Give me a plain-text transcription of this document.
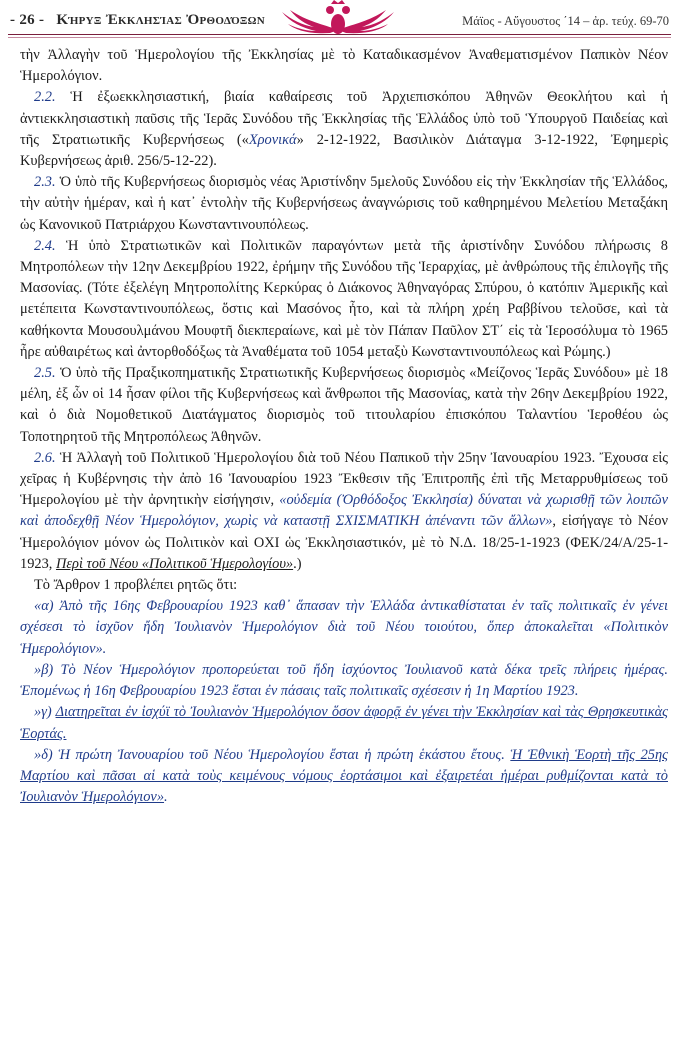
- 26 - Κήρυξ Ἐκκλησίας Ὀρθοδόξων	Μάϊος - Αὔγουστος ΄14 – ἀρ. τεύχ. 69-70

τὴν Ἀλλαγὴν τοῦ Ἡμερολογίου τῆς Ἐκκλησίας μὲ τὸ Καταδικασμένον Ἀναθεματισμένον Παπικὸν Νέον Ἡμερολόγιον.

2.2. Ἡ ἐξωεκκλησιαστική, βιαία καθαίρεσις τοῦ Ἀρχιεπισκόπου Ἀθηνῶν Θεοκλήτου καὶ ἡ ἀντιεκκλησιαστικὴ παῦσις τῆς Ἱερᾶς Συνόδου τῆς Ἐκκλησίας τῆς Ἑλλάδος ὑπὸ τοῦ Ὑπουργοῦ Παιδείας καὶ τῆς Στρατιωτικῆς Κυβερνήσεως («Χρονικά» 2-12-1922, Βασιλικὸν Διάταγμα 3-12-1922, Ἐφημερὶς Κυβερνήσεως ἀριθ. 256/5-12-22).

2.3. Ὁ ὑπὸ τῆς Κυβερνήσεως διορισμὸς νέας Ἀριστίνδην 5μελοῦς Συνόδου εἰς τὴν Ἐκκλησίαν τῆς Ἑλλάδος, τὴν αὐτὴν ἡμέραν, καὶ ἡ κατ᾽ ἐντολὴν τῆς Κυβερνήσεως ἀναγνώρισις τοῦ καθηρημένου Μελετίου Μεταξάκη ὡς Κανονικοῦ Πατριάρχου Κωνσταντινουπόλεως.

2.4. Ἡ ὑπὸ Στρατιωτικῶν καὶ Πολιτικῶν παραγόντων μετὰ τῆς ἀριστίνδην Συνόδου πλήρωσις 8 Μητροπόλεων τὴν 12ην Δεκεμβρίου 1922, ἐρήμην τῆς Συνόδου τῆς Ἱεραρχίας, μὲ ἀνθρώπους τῆς ἐπιλογῆς τῆς Μασονίας. (Τότε ἐξελέγη Μητροπολίτης Κερκύρας ὁ Διάκονος Ἀθηναγόρας Σπύρου, ὁ κατόπιν Ἀμερικῆς καὶ μετέπειτα Κωνσταντινουπόλεως, ὅστις καὶ Μασόνος ἦτο, καὶ τὰ πλήρη χρέη Ραββίνου τελοῦσε, καὶ τὰ καθήκοντα Μουσουλμάνου Μουφτῆ διεκπεραίωνε, καὶ μὲ τὸν Πάπαν Παῦλον ΣΤ΄ εἰς τὰ Ἱεροσόλυμα τὸ 1965 ἦρε αὐθαιρέτως καὶ ἀντορθοδόξως τὰ Ἀναθέματα τοῦ 1054 μεταξὺ Κωνσταντινουπόλεως καὶ Ρώμης.)

2.5. Ὁ ὑπὸ τῆς Πραξικοπηματικῆς Στρατιωτικῆς Κυβερνήσεως διορισμὸς «Μείζονος Ἱερᾶς Συνόδου» μὲ 18 μέλη, ἐξ ὧν οἱ 14 ἦσαν φίλοι τῆς Κυβερνήσεως καὶ ἄνθρωποι τῆς Μασονίας, κατὰ τὴν 26ην Δεκεμβρίου 1922, καὶ ὁ διὰ Νομοθετικοῦ Διατάγματος διορισμὸς τοῦ τιτουλαρίου ἐπισκόπου Ταλαντίου Ἱεροθέου ὡς Τοποτηρητοῦ τῆς Μητροπόλεως Ἀθηνῶν.

2.6. Ἡ Ἀλλαγὴ τοῦ Πολιτικοῦ Ἡμερολογίου διὰ τοῦ Νέου Παπικοῦ τὴν 25ην Ἰανουαρίου 1923. Ἔχουσα εἰς χεῖρας ἡ Κυβέρνησις τὴν ἀπὸ 16 Ἰανουαρίου 1923 Ἔκθεσιν τῆς Ἐπιτροπῆς ἐπὶ τῆς Μεταρρυθμίσεως τοῦ Ἡμερολογίου μὲ τὴν ἀρνητικὴν εἰσήγησιν, «οὐδεμία (Ὀρθόδοξος Ἐκκλησία) δύναται νὰ χωρισθῇ τῶν λοιπῶν καὶ ἀποδεχθῇ Νέον Ἡμερολόγιον, χωρὶς νὰ καταστῇ ΣΧΙΣΜΑΤΙΚΗ ἀπέναντι τῶν ἄλλων», εἰσήγαγε τὸ Νέον Ἡμερολόγιον μόνον ὡς Πολιτικὸν καὶ ΟΧΙ ὡς Ἐκκλησιαστικόν, μὲ τὸ Ν.Δ. 18/25-1-1923 (ΦΕΚ/24/Α/25-1-1923, Περὶ τοῦ Νέου «Πολιτικοῦ Ἡμερολογίου».)

Τὸ Ἄρθρον 1 προβλέπει ρητῶς ὅτι:

«α) Ἀπὸ τῆς 16ης Φεβρουαρίου 1923 καθ᾽ ἅπασαν τὴν Ἑλλάδα ἀντικαθίσταται ἐν ταῖς πολιτικαῖς ἐν γένει σχέσεσι τὸ ἰσχῦον ἤδη Ἰουλιανὸν Ἡμερολόγιον διὰ τοῦ Νέου τοιούτου, ὅπερ ἀποκαλεῖται «Πολιτικὸν Ἡμερολόγιον».

»β) Τὸ Νέον Ἡμερολόγιον προπορεύεται τοῦ ἤδη ἰσχύοντος Ἰουλιανοῦ κατὰ δέκα τρεῖς πλήρεις ἡμέρας. Ἑπομένως ἡ 16η Φεβρουαρίου 1923 ἔσται ἐν πάσαις ταῖς πολιτικαῖς σχέσεσιν ἡ 1η Μαρτίου 1923.

»γ) Διατηρεῖται ἐν ἰσχύϊ τὸ Ἰουλιανὸν Ἡμερολόγιον ὅσον ἀφορᾷ ἐν γένει τὴν Ἐκκλησίαν καὶ τὰς Θρησκευτικὰς Ἑορτάς.

»δ) Ἡ πρώτη Ἰανουαρίου τοῦ Νέου Ἡμερολογίου ἔσται ἡ πρώτη ἑκάστου ἔτους. Ἡ Ἐθνικὴ Ἑορτὴ τῆς 25ης Μαρτίου καὶ πᾶσαι αἱ κατὰ τοὺς κειμένους νόμους ἑορτάσιμοι καὶ ἐξαιρετέαι ἡμέραι ρυθμίζονται κατὰ τὸ Ἰουλιανὸν Ἡμερολόγιον».
